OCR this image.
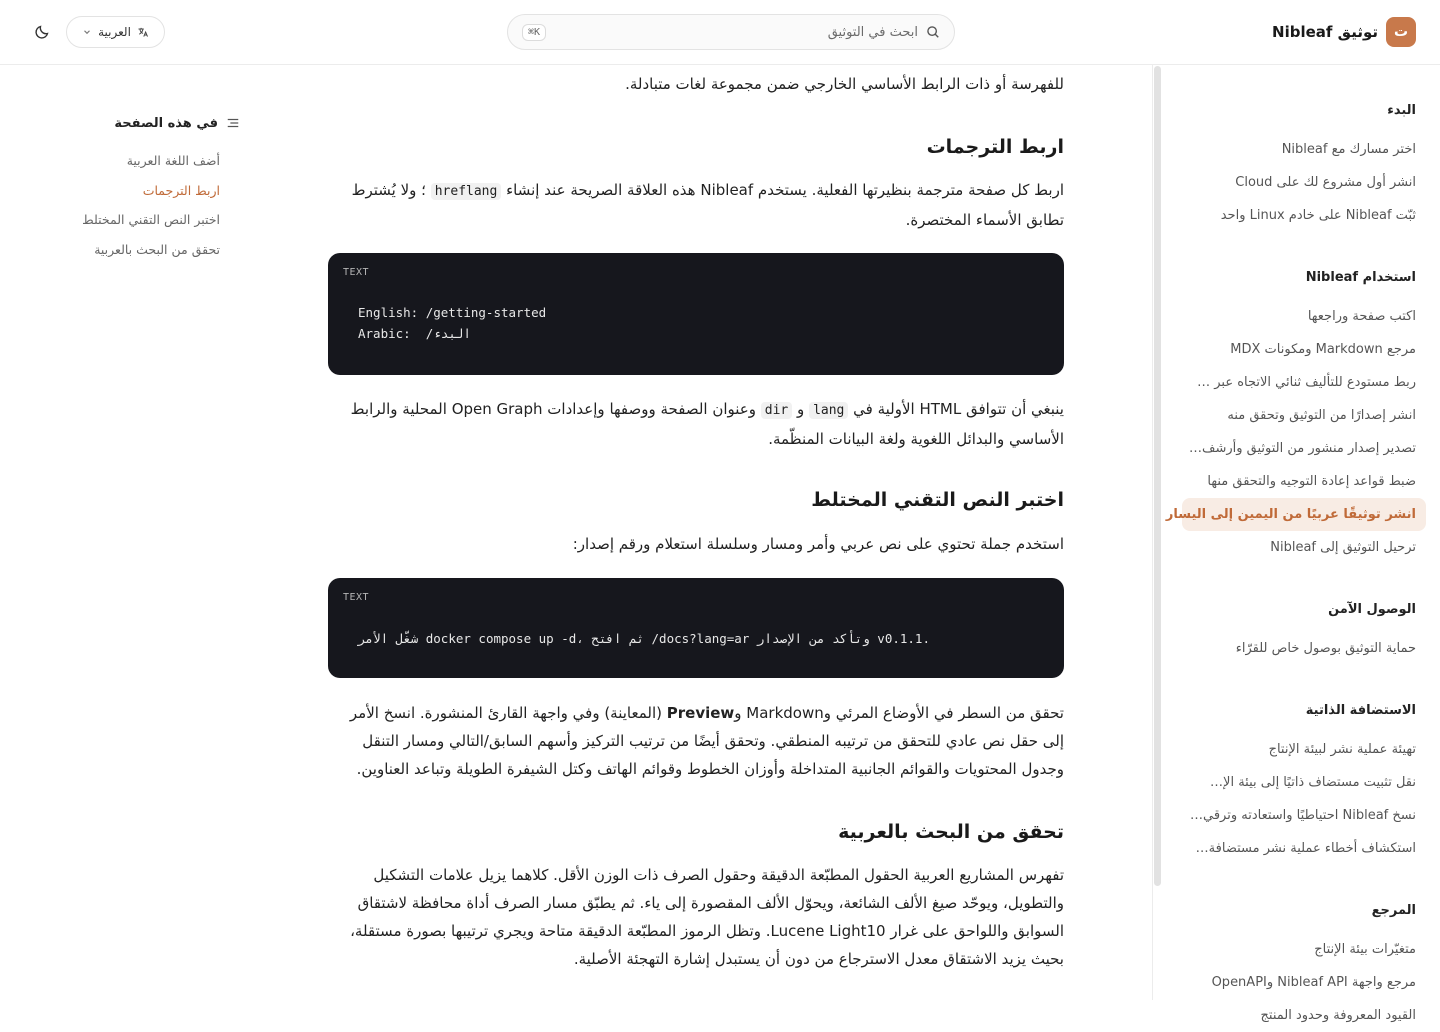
ت
توثيق Nibleaf
ابحث في التوثيق
⌘K
العربية
البدء
اختر مسارك مع Nibleaf
انشر أول مشروع لك على Cloud
ثبّت Nibleaf على خادم Linux واحد
استخدام Nibleaf
اكتب صفحة وراجعها
مرجع Markdown ومكونات MDX
ربط مستودع للتأليف ثنائي الاتجاه عبر …
انشر إصدارًا من التوثيق وتحقق منه
تصدير إصدار منشور من التوثيق وأرشف…
ضبط قواعد إعادة التوجيه والتحقق منها
انشر توثيقًا عربيًا من اليمين إلى اليسار
ترحيل التوثيق إلى Nibleaf
الوصول الآمن
حماية التوثيق بوصول خاص للقرّاء
الاستضافة الذاتية
تهيئة عملية نشر لبيئة الإنتاج
نقل تثبيت مستضاف ذاتيًا إلى بيئة الإ…
نسخ Nibleaf احتياطيًا واستعادته وترقي…
استكشاف أخطاء عملية نشر مستضافة…
المرجع
متغيّرات بيئة الإنتاج
مرجع واجهة Nibleaf API وOpenAPI
القيود المعروفة وحدود المنتج
في هذه الصفحة
أضف اللغة العربية
اربط الترجمات
اختبر النص التقني المختلط
تحقق من البحث بالعربية

للفهرسة أو ذات الرابط الأساسي الخارجي ضمن مجموعة لغات متبادلة.

اربط الترجمات

اربط كل صفحة مترجمة بنظيرتها الفعلية. يستخدم Nibleaf هذه العلاقة الصريحة عند إنشاء hreflang ؛ ولا يُشترط تطابق الأسماء المختصرة.

TEXT
English: /getting-started
Arabic:  /البدء

ينبغي أن تتوافق HTML الأولية في lang و dir وعنوان الصفحة ووصفها وإعدادات Open Graph المحلية والرابط الأساسي والبدائل اللغوية ولغة البيانات المنظّمة.

اختبر النص التقني المختلط

استخدم جملة تحتوي على نص عربي وأمر ومسار وسلسلة استعلام ورقم إصدار:

TEXT
شغّل الأمر docker compose up -d، ثم افتح /docs?lang=ar وتأكد من الإصدار v0.1.1.

تحقق من السطر في الأوضاع المرئي وMarkdown وPreview (المعاينة) وفي واجهة القارئ المنشورة. انسخ الأمر إلى حقل نص عادي للتحقق من ترتيبه المنطقي. وتحقق أيضًا من ترتيب التركيز وأسهم السابق/التالي ومسار التنقل وجدول المحتويات والقوائم الجانبية المتداخلة وأوزان الخطوط وقوائم الهاتف وكتل الشيفرة الطويلة وتباعد العناوين.

تحقق من البحث بالعربية

تفهرس المشاريع العربية الحقول المطبّعة الدقيقة وحقول الصرف ذات الوزن الأقل. كلاهما يزيل علامات التشكيل والتطويل، ويوحّد صيغ الألف الشائعة، ويحوّل الألف المقصورة إلى ياء. ثم يطبّق مسار الصرف أداة محافظة لاشتقاق السوابق واللواحق على غرار Lucene Light10. وتظل الرموز المطبّعة الدقيقة متاحة ويجري ترتيبها بصورة مستقلة، بحيث يزيد الاشتقاق معدل الاسترجاع من دون أن يستبدل إشارة التهجئة الأصلية.
